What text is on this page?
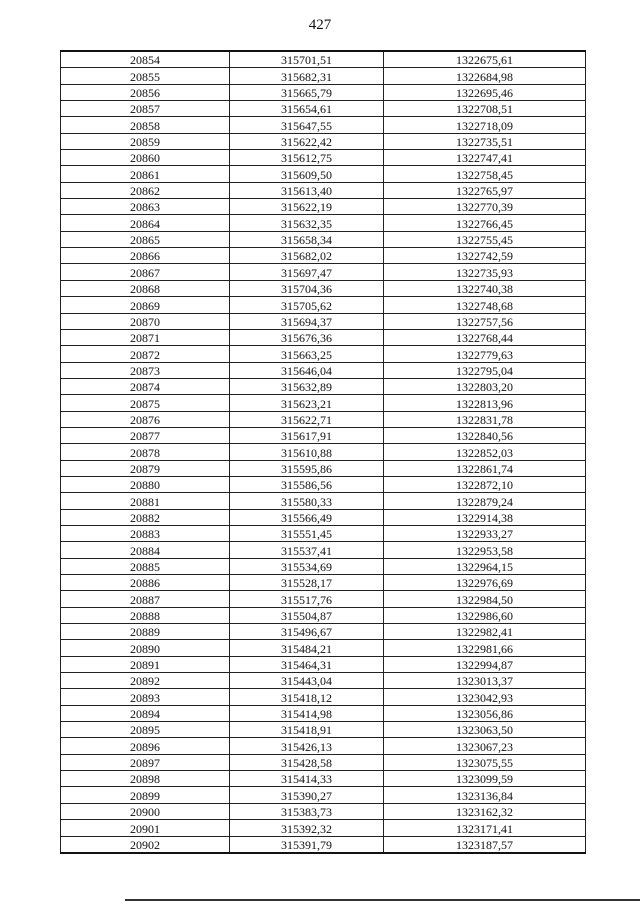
427
20854	315701,51	1322675,61
20855	315682,31	1322684,98
20856	315665,79	1322695,46
20857	315654,61	1322708,51
20858	315647,55	1322718,09
20859	315622,42	1322735,51
20860	315612,75	1322747,41
20861	315609,50	1322758,45
20862	315613,40	1322765,97
20863	315622,19	1322770,39
20864	315632,35	1322766,45
20865	315658,34	1322755,45
20866	315682,02	1322742,59
20867	315697,47	1322735,93
20868	315704,36	1322740,38
20869	315705,62	1322748,68
20870	315694,37	1322757,56
20871	315676,36	1322768,44
20872	315663,25	1322779,63
20873	315646,04	1322795,04
20874	315632,89	1322803,20
20875	315623,21	1322813,96
20876	315622,71	1322831,78
20877	315617,91	1322840,56
20878	315610,88	1322852,03
20879	315595,86	1322861,74
20880	315586,56	1322872,10
20881	315580,33	1322879,24
20882	315566,49	1322914,38
20883	315551,45	1322933,27
20884	315537,41	1322953,58
20885	315534,69	1322964,15
20886	315528,17	1322976,69
20887	315517,76	1322984,50
20888	315504,87	1322986,60
20889	315496,67	1322982,41
20890	315484,21	1322981,66
20891	315464,31	1322994,87
20892	315443,04	1323013,37
20893	315418,12	1323042,93
20894	315414,98	1323056,86
20895	315418,91	1323063,50
20896	315426,13	1323067,23
20897	315428,58	1323075,55
20898	315414,33	1323099,59
20899	315390,27	1323136,84
20900	315383,73	1323162,32
20901	315392,32	1323171,41
20902	315391,79	1323187,57
